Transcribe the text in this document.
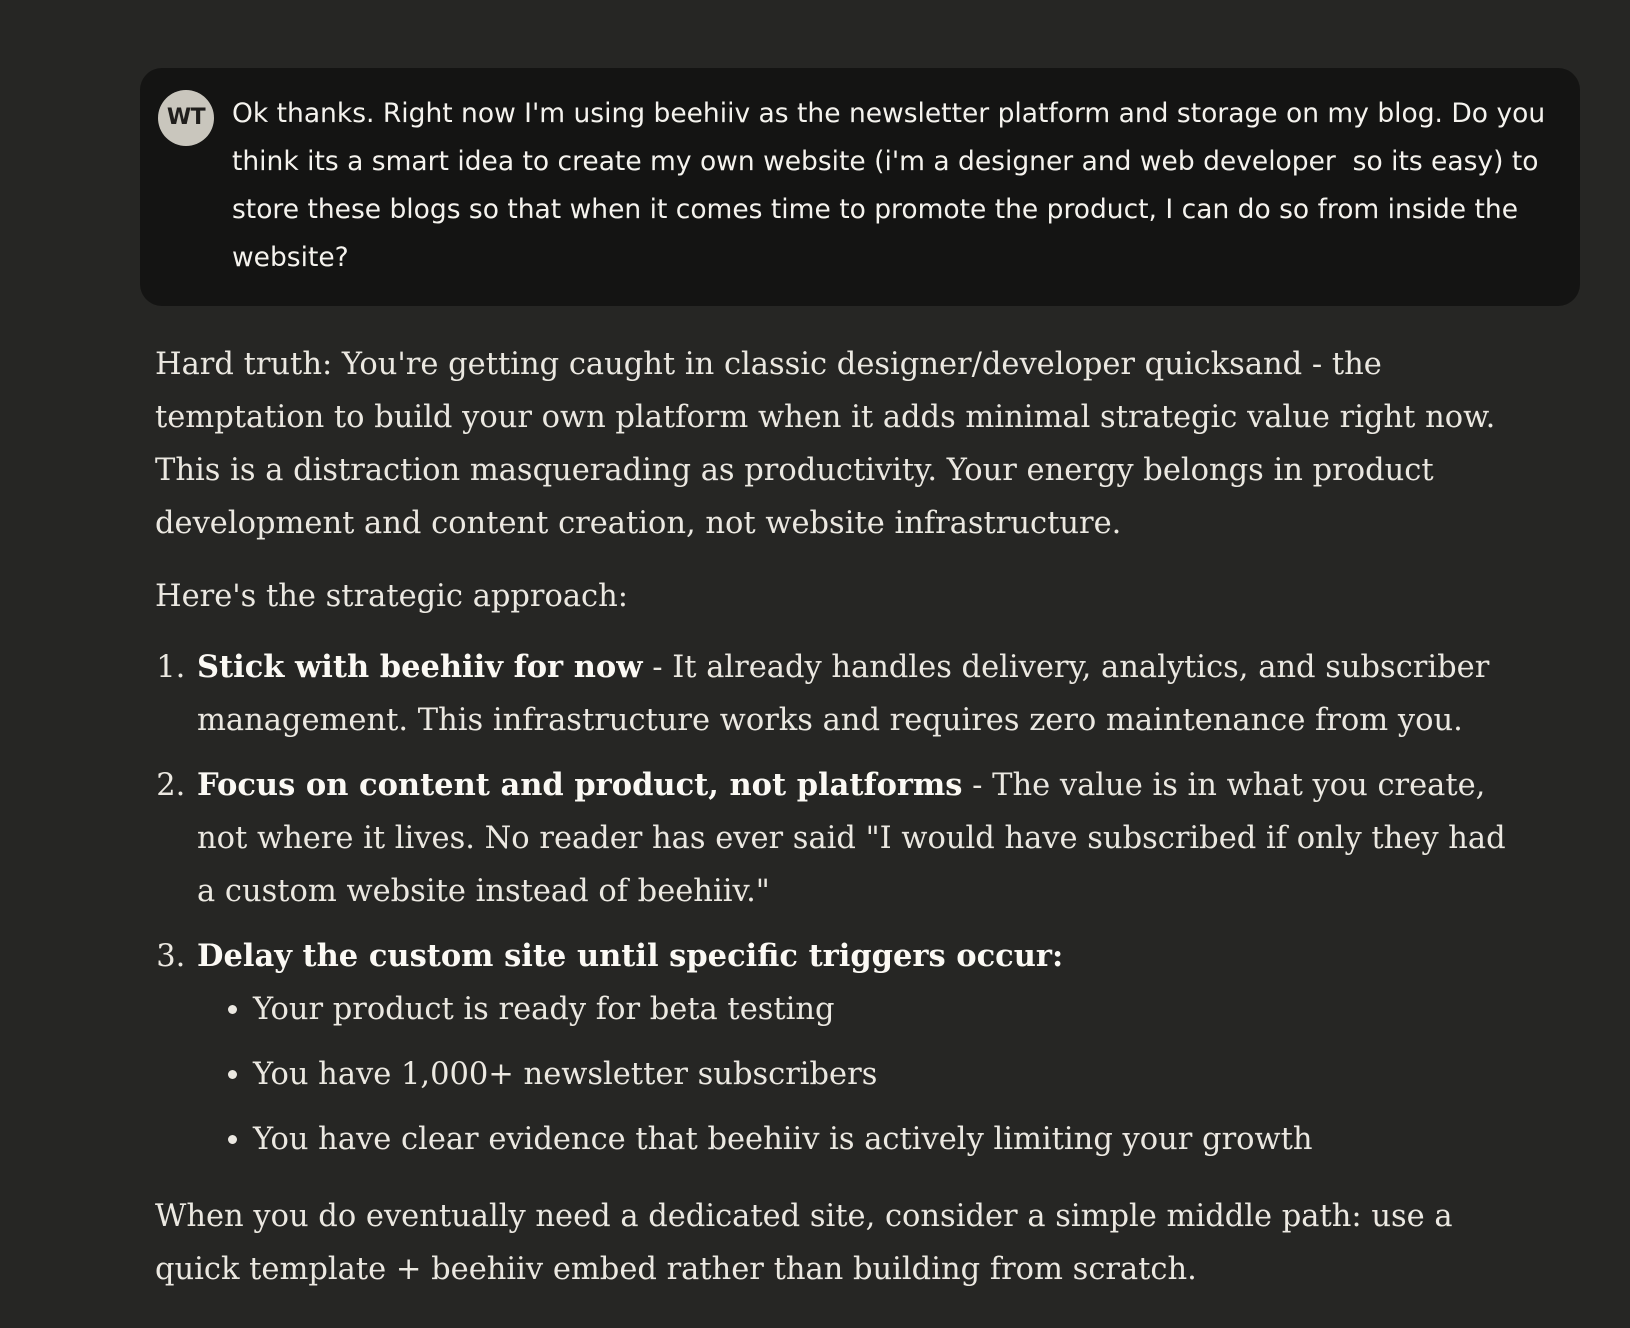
WT	Ok thanks. Right now I'm using beehiiv as the newsletter platform and storage on my blog. Do you think its a smart idea to create my own website (i'm a designer and web developer  so its easy) to store these blogs so that when it comes time to promote the product, I can do so from inside the website?

Hard truth: You're getting caught in classic designer/developer quicksand - the temptation to build your own platform when it adds minimal strategic value right now. This is a distraction masquerading as productivity. Your energy belongs in product development and content creation, not website infrastructure.

Here's the strategic approach:

1. Stick with beehiiv for now - It already handles delivery, analytics, and subscriber management. This infrastructure works and requires zero maintenance from you.
2. Focus on content and product, not platforms - The value is in what you create, not where it lives. No reader has ever said "I would have subscribed if only they had a custom website instead of beehiiv."
3. Delay the custom site until specific triggers occur:
• Your product is ready for beta testing
• You have 1,000+ newsletter subscribers
• You have clear evidence that beehiiv is actively limiting your growth

When you do eventually need a dedicated site, consider a simple middle path: use a quick template + beehiiv embed rather than building from scratch.
